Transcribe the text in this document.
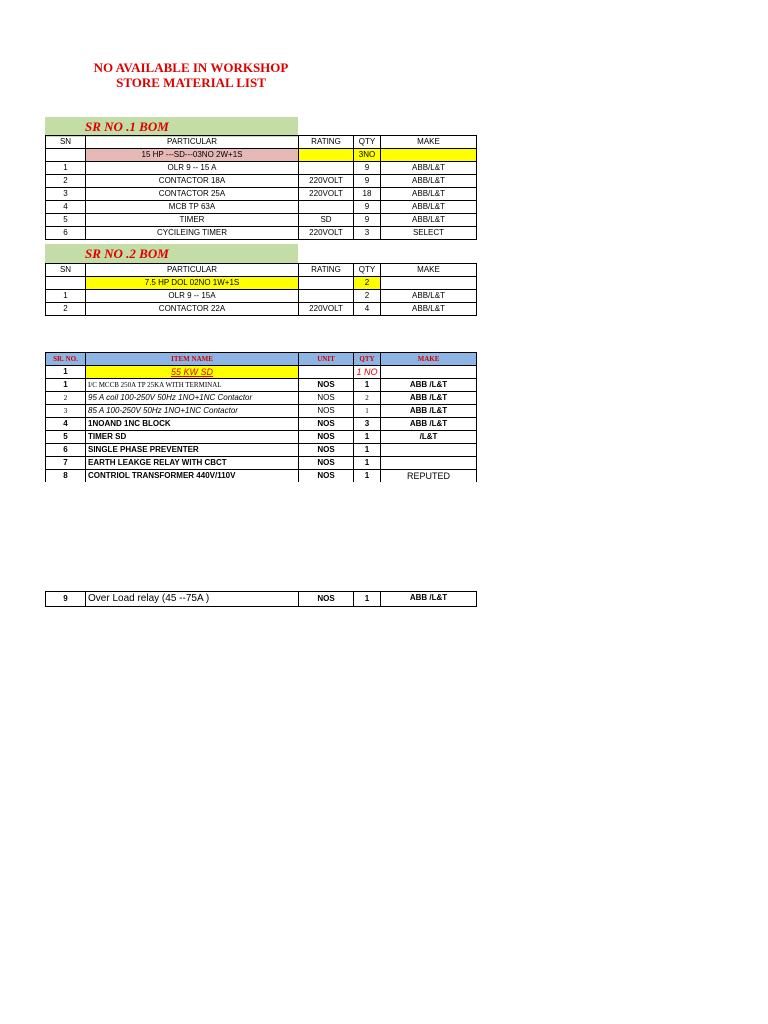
NO AVAILABLE IN WORKSHOP
STORE MATERIAL LIST
SR NO .1 BOM
SN	PARTICULAR	RATING	QTY	MAKE
	15 HP ---SD---03NO 2W+1S		3NO	
1	OLR 9 -- 15 A		9	ABB/L&T
2	CONTACTOR 18A	220VOLT	9	ABB/L&T
3	CONTACTOR 25A	220VOLT	18	ABB/L&T
4	MCB TP 63A		9	ABB/L&T
5	TIMER	SD	9	ABB/L&T
6	CYCILEING TIMER	220VOLT	3	SELECT
SR NO .2 BOM
SN	PARTICULAR	RATING	QTY	MAKE
	7.5 HP DOL 02NO 1W+1S		2	
1	OLR 9 -- 15A		2	ABB/L&T
2	CONTACTOR 22A	220VOLT	4	ABB/L&T
SR. NO.	ITEM NAME	UNIT	QTY	MAKE
1	55 KW SD		1 NO	
1	I/C MCCB 250A TP 25KA WITH TERMINAL	NOS	1	ABB /L&T
2	95 A coil 100-250V 50Hz 1NO+1NC Contactor	NOS	2	ABB /L&T
3	85 A 100-250V 50Hz 1NO+1NC Contactor	NOS	1	ABB /L&T
4	1NOAND 1NC BLOCK	NOS	3	ABB /L&T
5	TIMER SD	NOS	1	/L&T
6	SINGLE PHASE PREVENTER	NOS	1	
7	EARTH LEAKGE RELAY WITH CBCT	NOS	1	
8	CONTRIOL TRANSFORMER 440V/110V	NOS	1	REPUTED
9	Over Load relay (45 --75A )	NOS	1	ABB /L&T
